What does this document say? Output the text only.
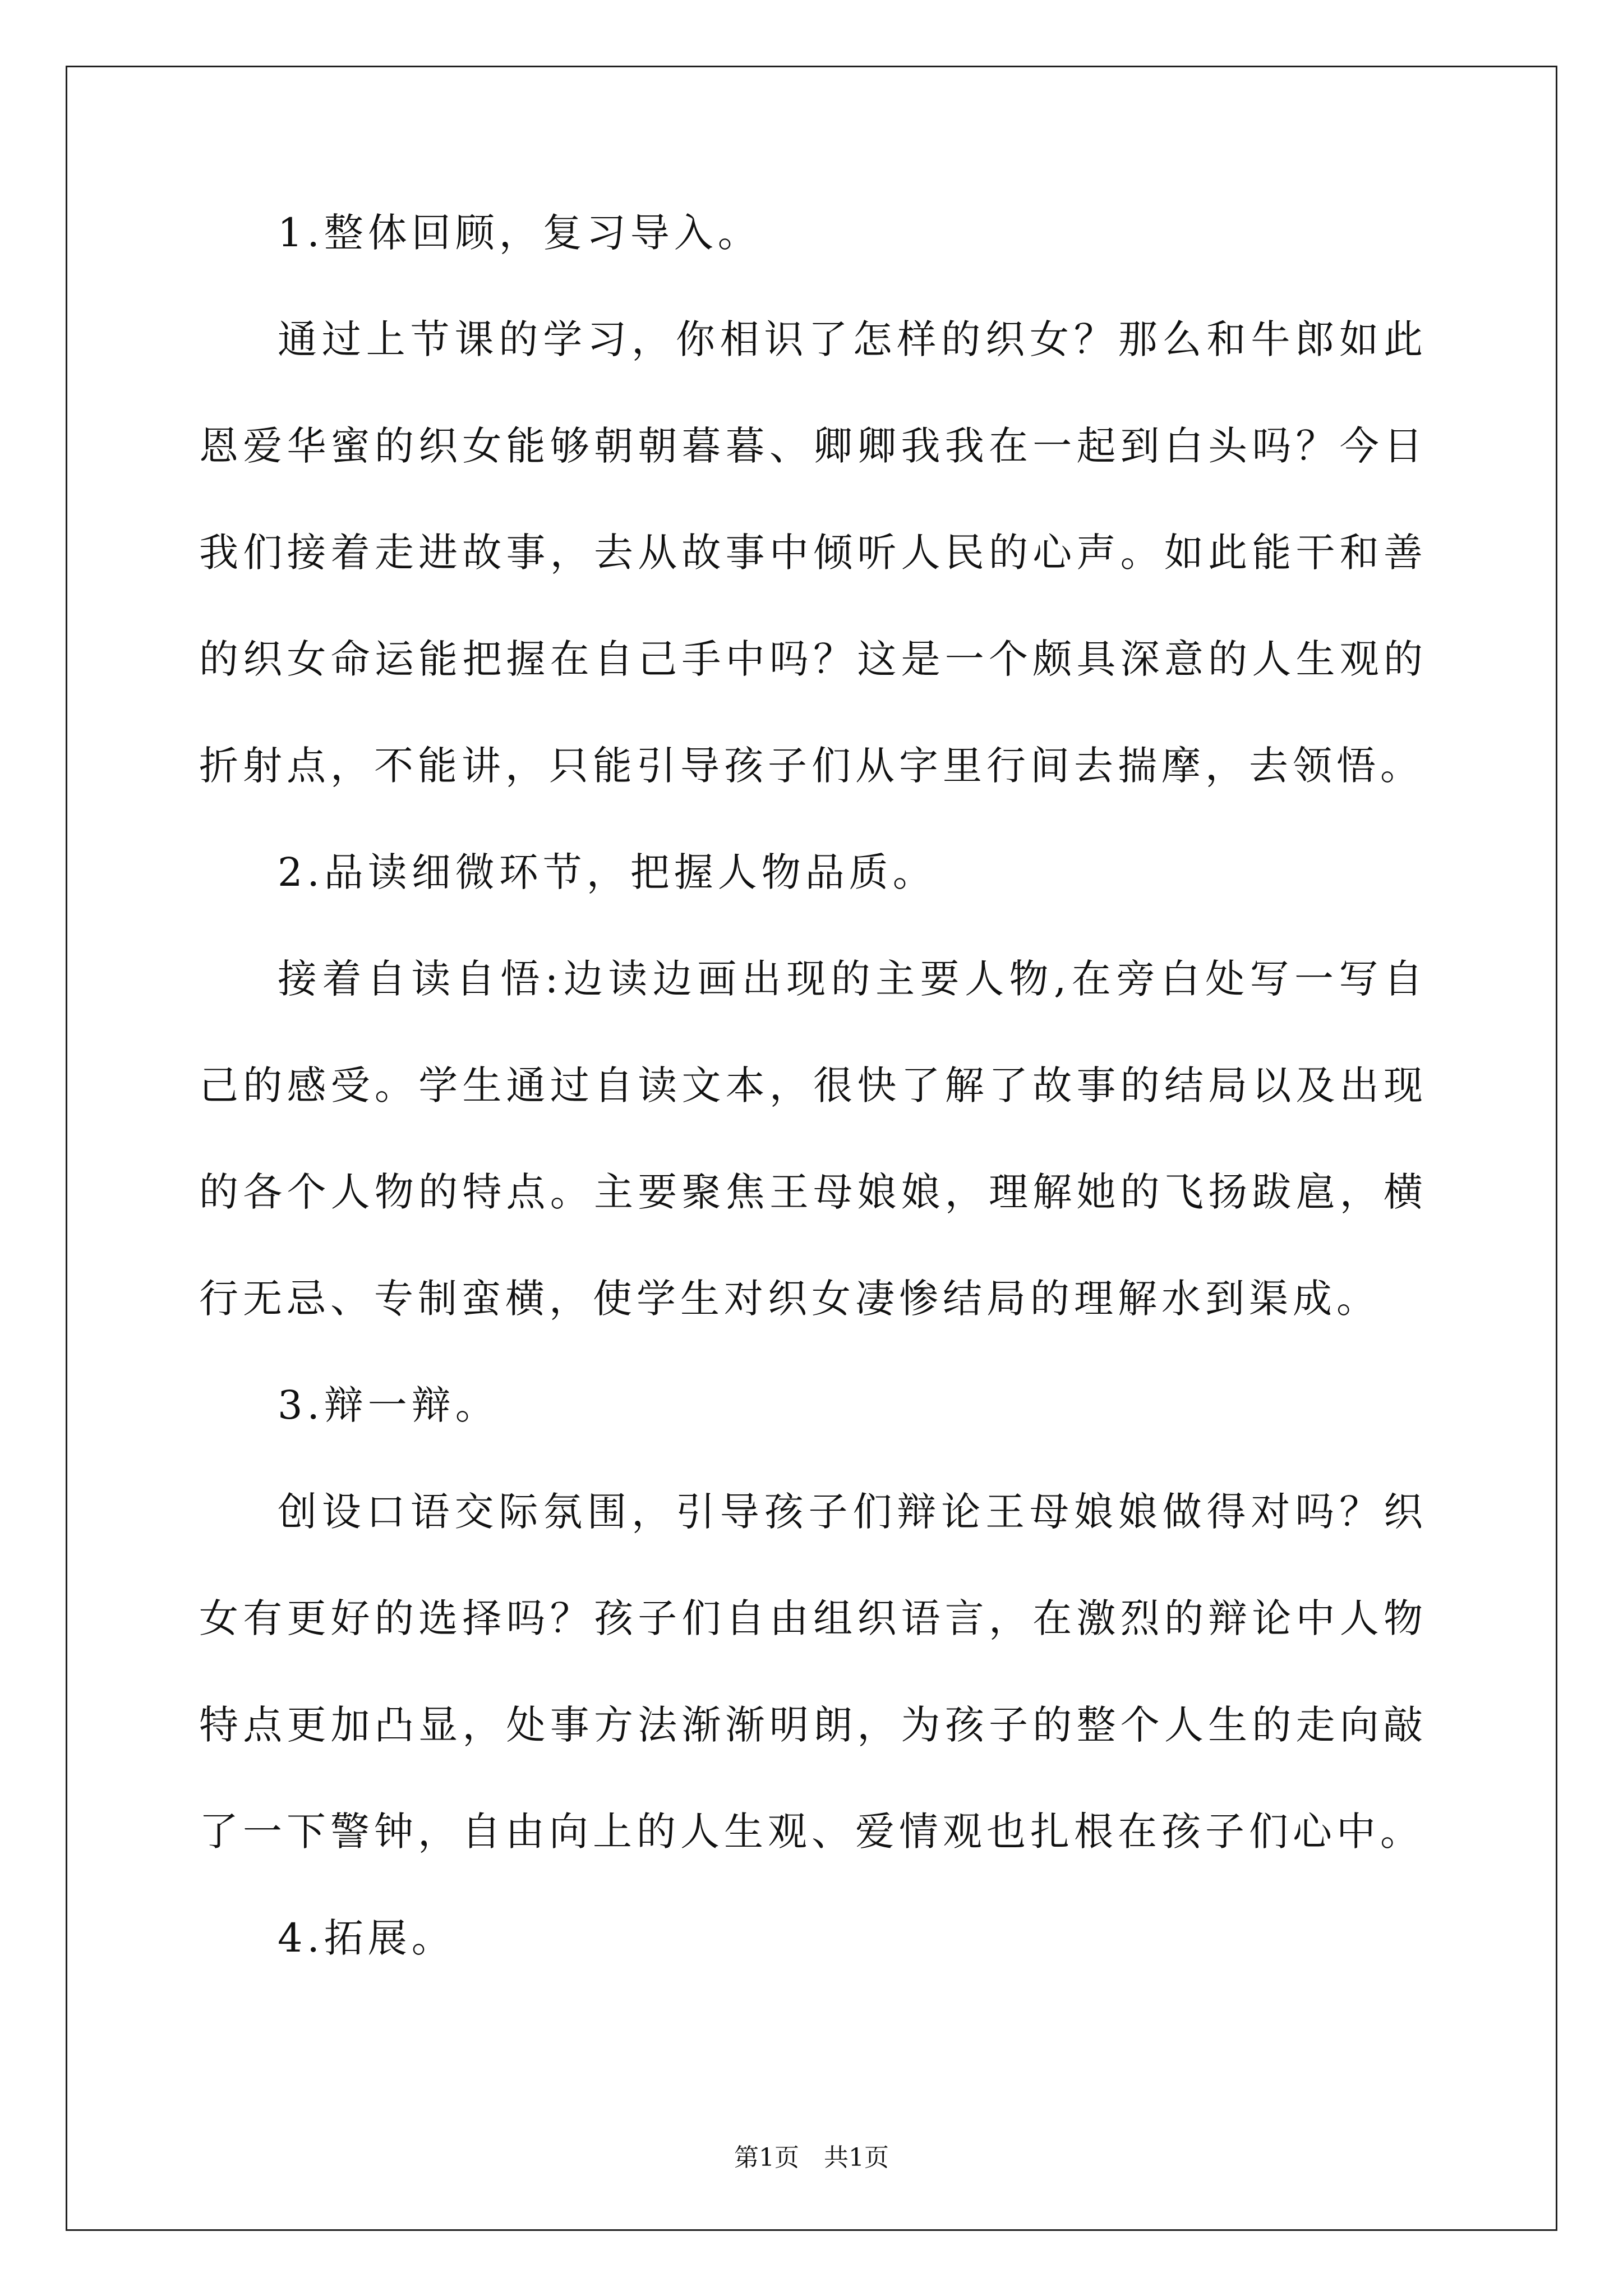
1.整体回顾，复习导入。

通过上节课的学习，你相识了怎样的织女？那么和牛郎如此恩爱华蜜的织女能够朝朝暮暮、卿卿我我在一起到白头吗？今日我们接着走进故事，去从故事中倾听人民的心声。如此能干和善的织女命运能把握在自己手中吗？这是一个颇具深意的人生观的折射点，不能讲，只能引导孩子们从字里行间去揣摩，去领悟。

2.品读细微环节，把握人物品质。

接着自读自悟:边读边画出现的主要人物,在旁白处写一写自己的感受。学生通过自读文本，很快了解了故事的结局以及出现的各个人物的特点。主要聚焦王母娘娘，理解她的飞扬跋扈，横行无忌、专制蛮横，使学生对织女凄惨结局的理解水到渠成。

3.辩一辩。

创设口语交际氛围，引导孩子们辩论王母娘娘做得对吗？织女有更好的选择吗？孩子们自由组织语言，在激烈的辩论中人物特点更加凸显，处事方法渐渐明朗，为孩子的整个人生的走向敲了一下警钟，自由向上的人生观、爱情观也扎根在孩子们心中。

4.拓展。

第1页　共1页
